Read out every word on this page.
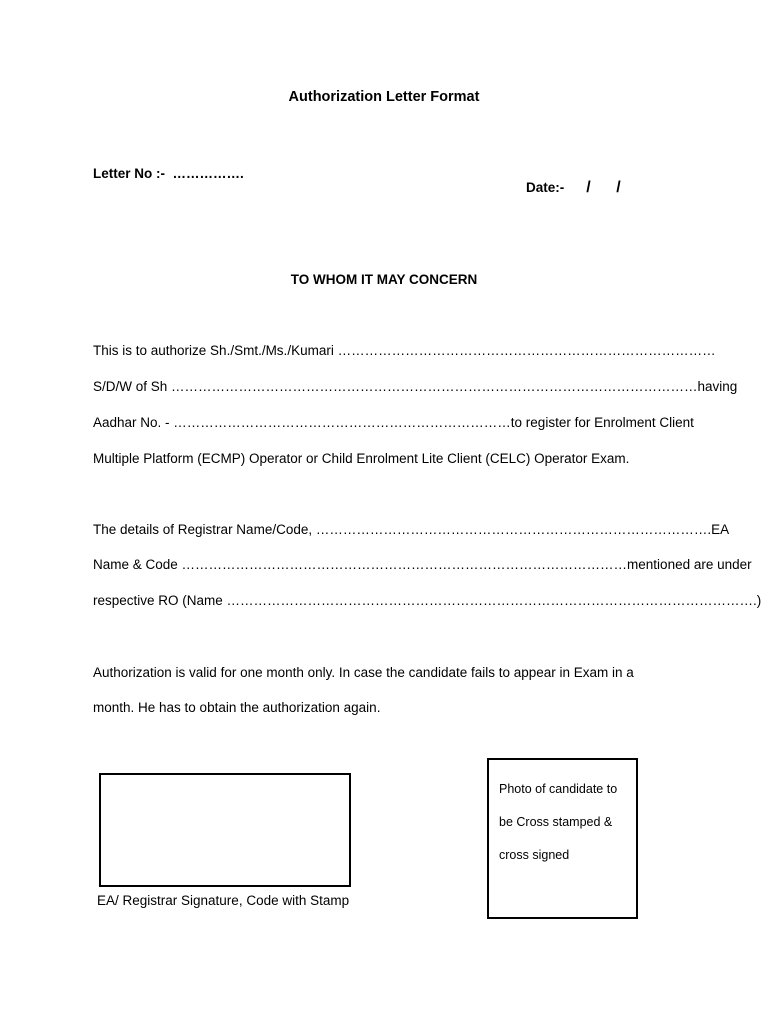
Authorization Letter Format
Letter No :-  …………….

Date:- / /

TO WHOM IT MAY CONCERN
This is to authorize Sh./Smt./Ms./Kumari …………………………………………………………………………
S/D/W of Sh ……………………………………………………………………………………………………… having
Aadhar No. - ………………………………………………………………… to register for Enrolment Client
Multiple Platform (ECMP) Operator or Child Enrolment Lite Client (CELC) Operator Exam.
The details of Registrar Name/Code, ……………………………………………………………………………. EA
Name & Code ……………………………………………………………………………………… mentioned are under
respective RO (Name ……………………………………………………………………………………………………….)
Authorization is valid for one month only. In case the candidate fails to appear in Exam in a
month. He has to obtain the authorization again.
EA/ Registrar Signature, Code with Stamp
Photo of candidate to
be Cross stamped &
cross signed
